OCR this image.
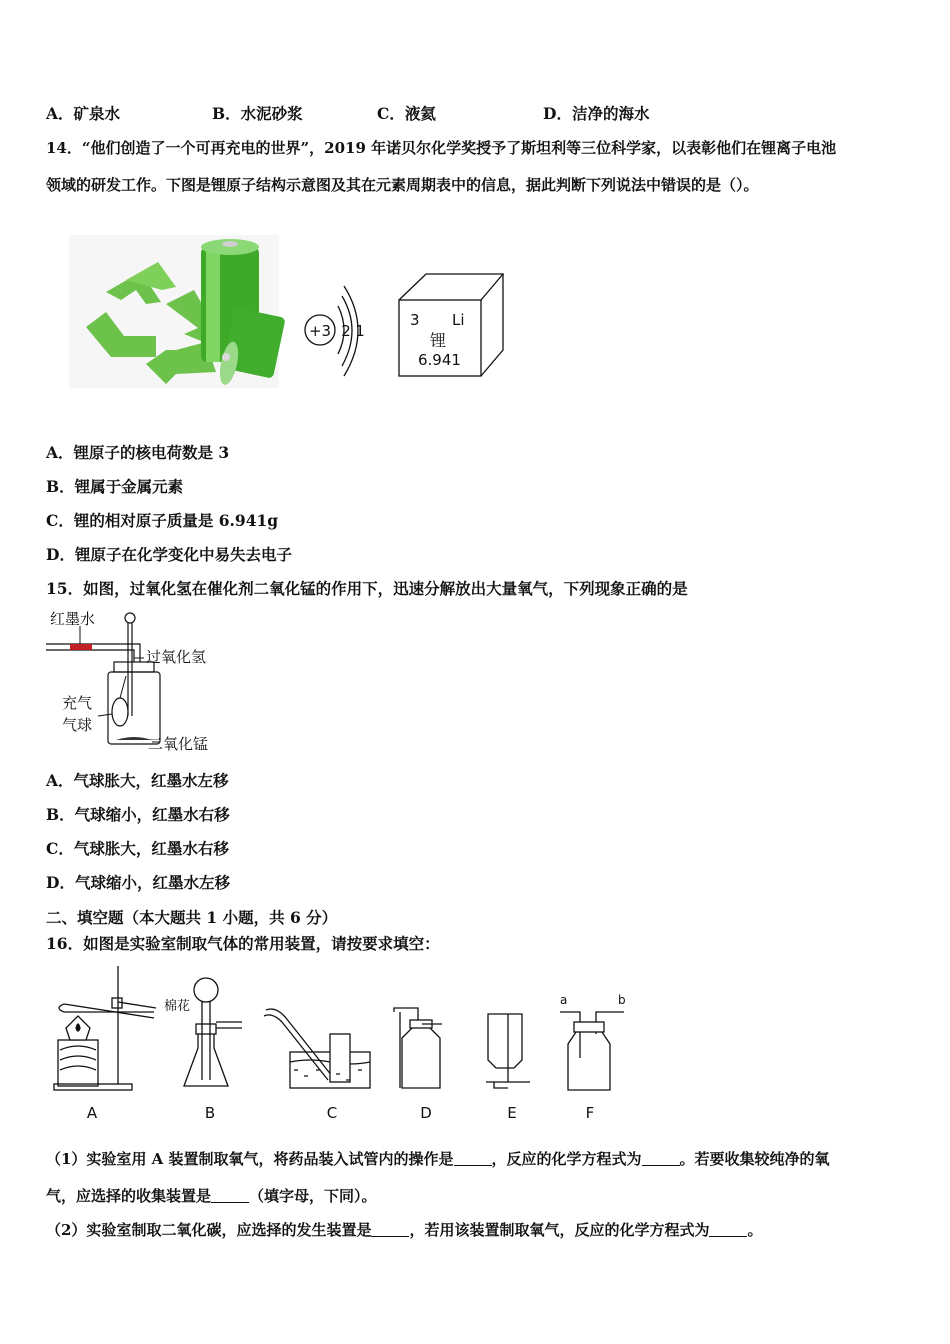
A．矿泉水	B．水泥砂浆	C．液氦	D．洁净的海水
14．“他们创造了一个可再充电的世界”，2019 年诺贝尔化学奖授予了斯坦利等三位科学家，以表彰他们在锂离子电池
领域的研发工作。下图是锂原子结构示意图及其在元素周期表中的信息，据此判断下列说法中错误的是（）。
+3 2 1
3 Li
锂
6.941
A．锂原子的核电荷数是 3
B．锂属于金属元素
C．锂的相对原子质量是 6.941g
D．锂原子在化学变化中易失去电子
15．如图，过氧化氢在催化剂二氧化锰的作用下，迅速分解放出大量氧气，下列现象正确的是
红墨水
过氧化氢
充气
气球
二氧化锰
A．气球胀大，红墨水左移
B．气球缩小，红墨水右移
C．气球胀大，红墨水右移
D．气球缩小，红墨水左移
二、填空题（本大题共 1 小题，共 6 分）
16．如图是实验室制取气体的常用装置，请按要求填空：
棉花	a	b
A	B	C	D	E	F
（1）实验室用 A 装置制取氧气，将药品装入试管内的操作是	，反应的化学方程式为	。若要收集较纯净的氧
气，应选择的收集装置是	（填字母，下同）。
（2）实验室制取二氧化碳，应选择的发生装置是	，若用该装置制取氧气，反应的化学方程式为	。
